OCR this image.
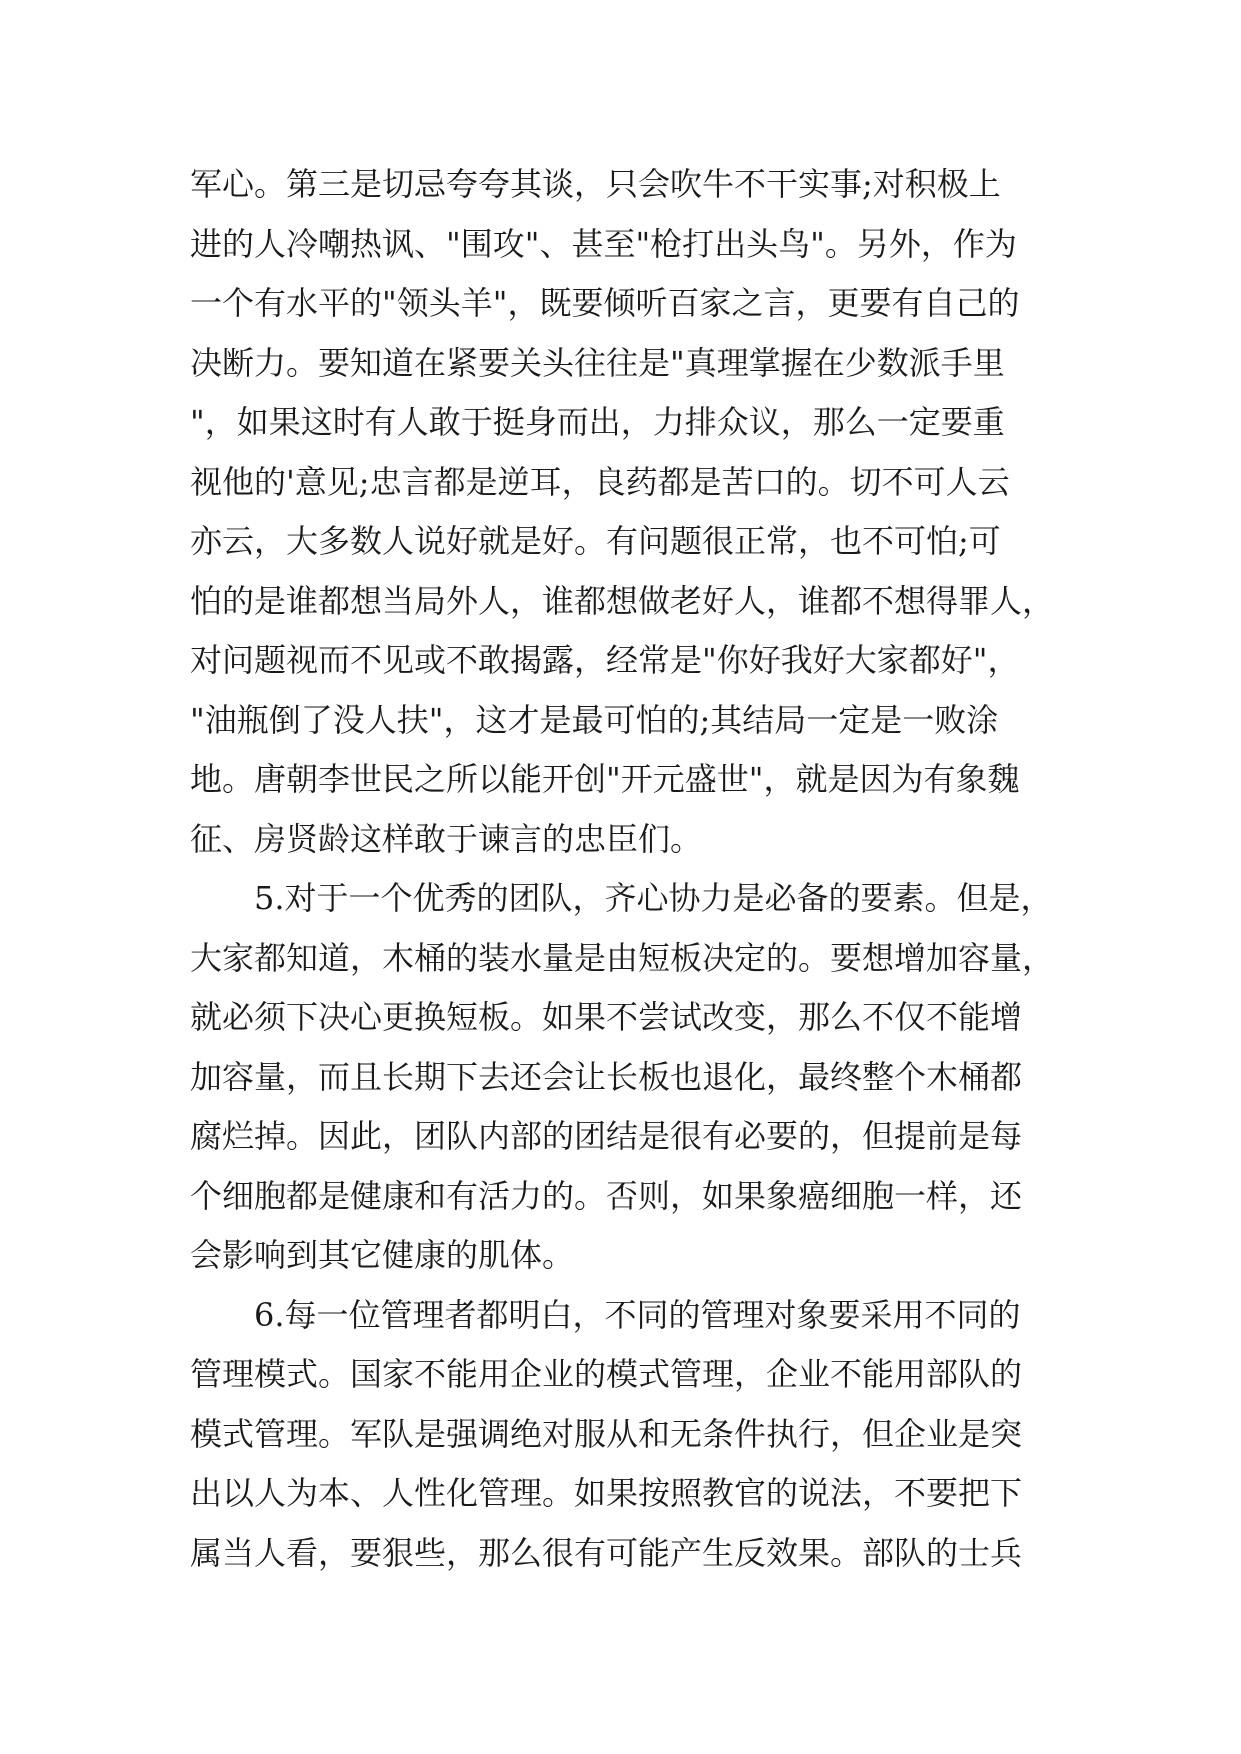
军心。第三是切忌夸夸其谈，只会吹牛不干实事;对积极上
进的人冷嘲热讽、"围攻"、甚至"枪打出头鸟"。另外，作为
一个有水平的"领头羊"，既要倾听百家之言，更要有自己的
决断力。要知道在紧要关头往往是"真理掌握在少数派手里
"，如果这时有人敢于挺身而出，力排众议，那么一定要重
视他的'意见;忠言都是逆耳，良药都是苦口的。切不可人云
亦云，大多数人说好就是好。有问题很正常，也不可怕;可
怕的是谁都想当局外人，谁都想做老好人，谁都不想得罪人，
对问题视而不见或不敢揭露，经常是"你好我好大家都好"，
"油瓶倒了没人扶"，这才是最可怕的;其结局一定是一败涂
地。唐朝李世民之所以能开创"开元盛世"，就是因为有象魏
征、房贤龄这样敢于谏言的忠臣们。
5.对于一个优秀的团队，齐心协力是必备的要素。但是，
大家都知道，木桶的装水量是由短板决定的。要想增加容量，
就必须下决心更换短板。如果不尝试改变，那么不仅不能增
加容量，而且长期下去还会让长板也退化，最终整个木桶都
腐烂掉。因此，团队内部的团结是很有必要的，但提前是每
个细胞都是健康和有活力的。否则，如果象癌细胞一样，还
会影响到其它健康的肌体。
6.每一位管理者都明白，不同的管理对象要采用不同的
管理模式。国家不能用企业的模式管理，企业不能用部队的
模式管理。军队是强调绝对服从和无条件执行，但企业是突
出以人为本、人性化管理。如果按照教官的说法，不要把下
属当人看，要狠些，那么很有可能产生反效果。部队的士兵
